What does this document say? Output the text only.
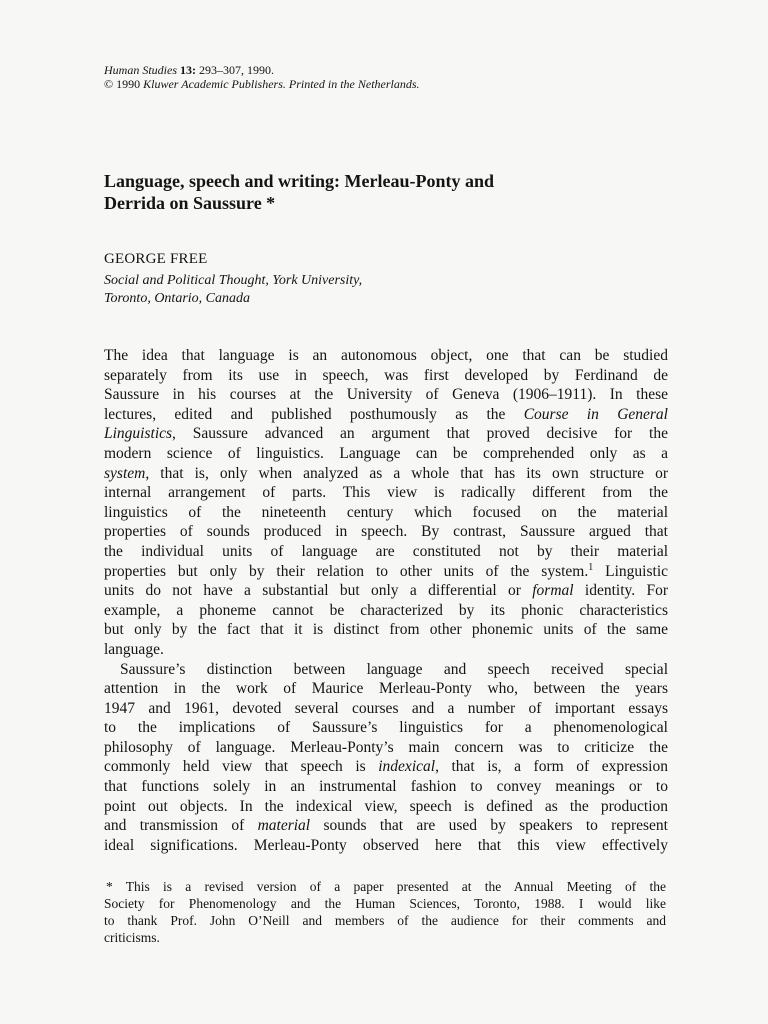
Human Studies 13: 293–307, 1990.
© 1990 Kluwer Academic Publishers. Printed in the Netherlands.
Language, speech and writing: Merleau-Ponty and
Derrida on Saussure *
GEORGE FREE
Social and Political Thought, York University,
Toronto, Ontario, Canada
The idea that language is an autonomous object, one that can be studied
separately from its use in speech, was first developed by Ferdinand de
Saussure in his courses at the University of Geneva (1906–1911). In these
lectures, edited and published posthumously as the Course in General
Linguistics, Saussure advanced an argument that proved decisive for the
modern science of linguistics. Language can be comprehended only as a
system, that is, only when analyzed as a whole that has its own structure or
internal arrangement of parts. This view is radically different from the
linguistics of the nineteenth century which focused on the material
properties of sounds produced in speech. By contrast, Saussure argued that
the individual units of language are constituted not by their material
properties but only by their relation to other units of the system.$^1$ Linguistic
units do not have a substantial but only a differential or formal identity. For
example, a phoneme cannot be characterized by its phonic characteristics
but only by the fact that it is distinct from other phonemic units of the same
language.
Saussure’s distinction between language and speech received special
attention in the work of Maurice Merleau-Ponty who, between the years
1947 and 1961, devoted several courses and a number of important essays
to the implications of Saussure’s linguistics for a phenomenological
philosophy of language. Merleau-Ponty’s main concern was to criticize the
commonly held view that speech is indexical, that is, a form of expression
that functions solely in an instrumental fashion to convey meanings or to
point out objects. In the indexical view, speech is defined as the production
and transmission of material sounds that are used by speakers to represent
ideal significations. Merleau-Ponty observed here that this view effectively
* This is a revised version of a paper presented at the Annual Meeting of the
Society for Phenomenology and the Human Sciences, Toronto, 1988. I would like
to thank Prof. John O’Neill and members of the audience for their comments and
criticisms.
